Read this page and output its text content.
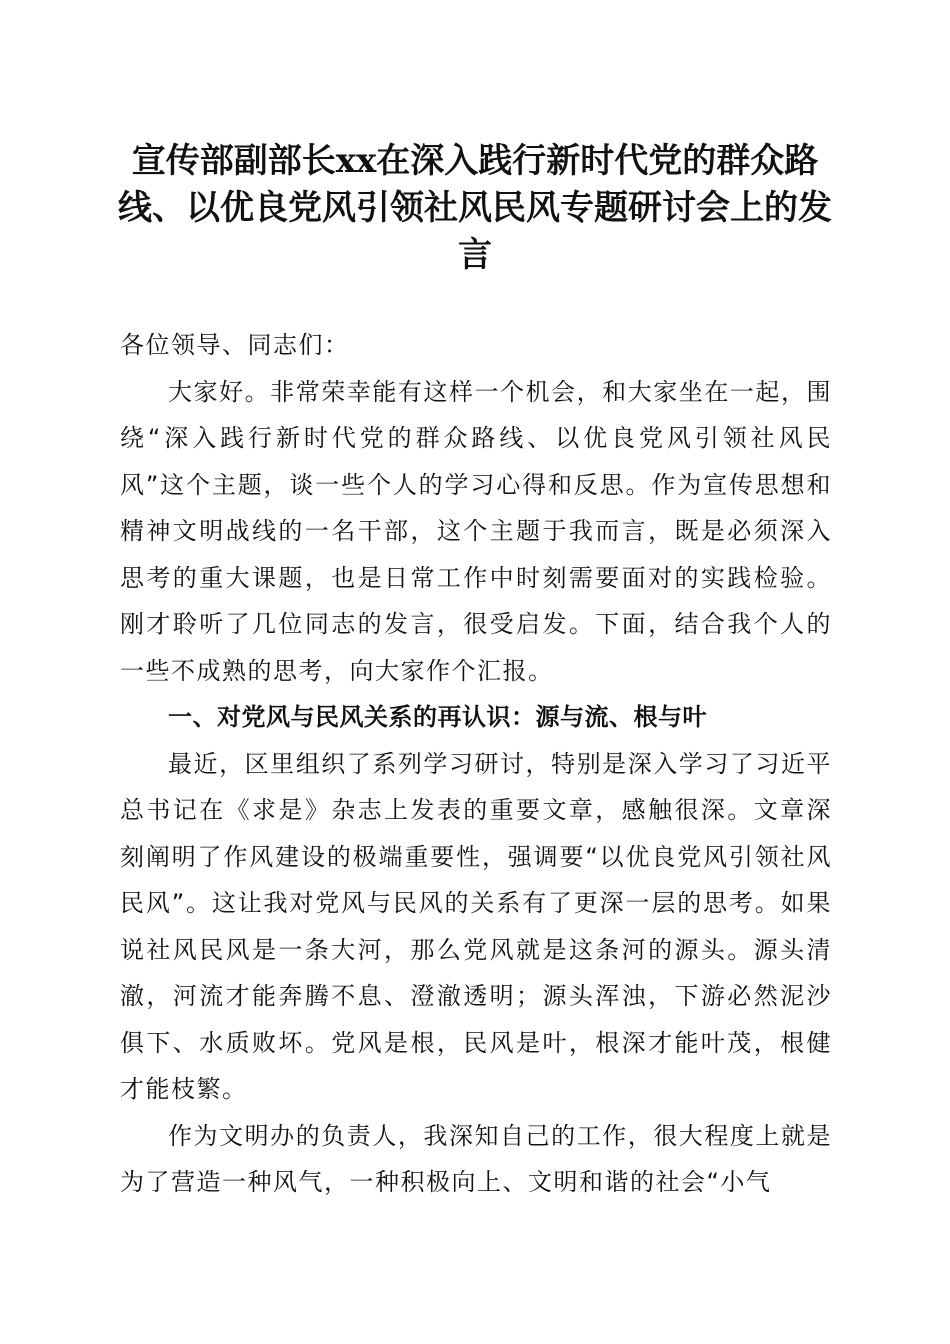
宣传部副部长xx在深入践行新时代党的群众路线、以优良党风引领社风民风专题研讨会上的发言

各位领导、同志们：

大家好。非常荣幸能有这样一个机会，和大家坐在一起，围绕“深入践行新时代党的群众路线、以优良党风引领社风民风”这个主题，谈一些个人的学习心得和反思。作为宣传思想和精神文明战线的一名干部，这个主题于我而言，既是必须深入思考的重大课题，也是日常工作中时刻需要面对的实践检验。刚才聆听了几位同志的发言，很受启发。下面，结合我个人的一些不成熟的思考，向大家作个汇报。

一、对党风与民风关系的再认识：源与流、根与叶

最近，区里组织了系列学习研讨，特别是深入学习了习近平总书记在《求是》杂志上发表的重要文章，感触很深。文章深刻阐明了作风建设的极端重要性，强调要“以优良党风引领社风民风”。这让我对党风与民风的关系有了更深一层的思考。如果说社风民风是一条大河，那么党风就是这条河的源头。源头清澈，河流才能奔腾不息、澄澈透明；源头浑浊，下游必然泥沙俱下、水质败坏。党风是根，民风是叶，根深才能叶茂，根健才能枝繁。

作为文明办的负责人，我深知自己的工作，很大程度上就是为了营造一种风气，一种积极向上、文明和谐的社会“小气
